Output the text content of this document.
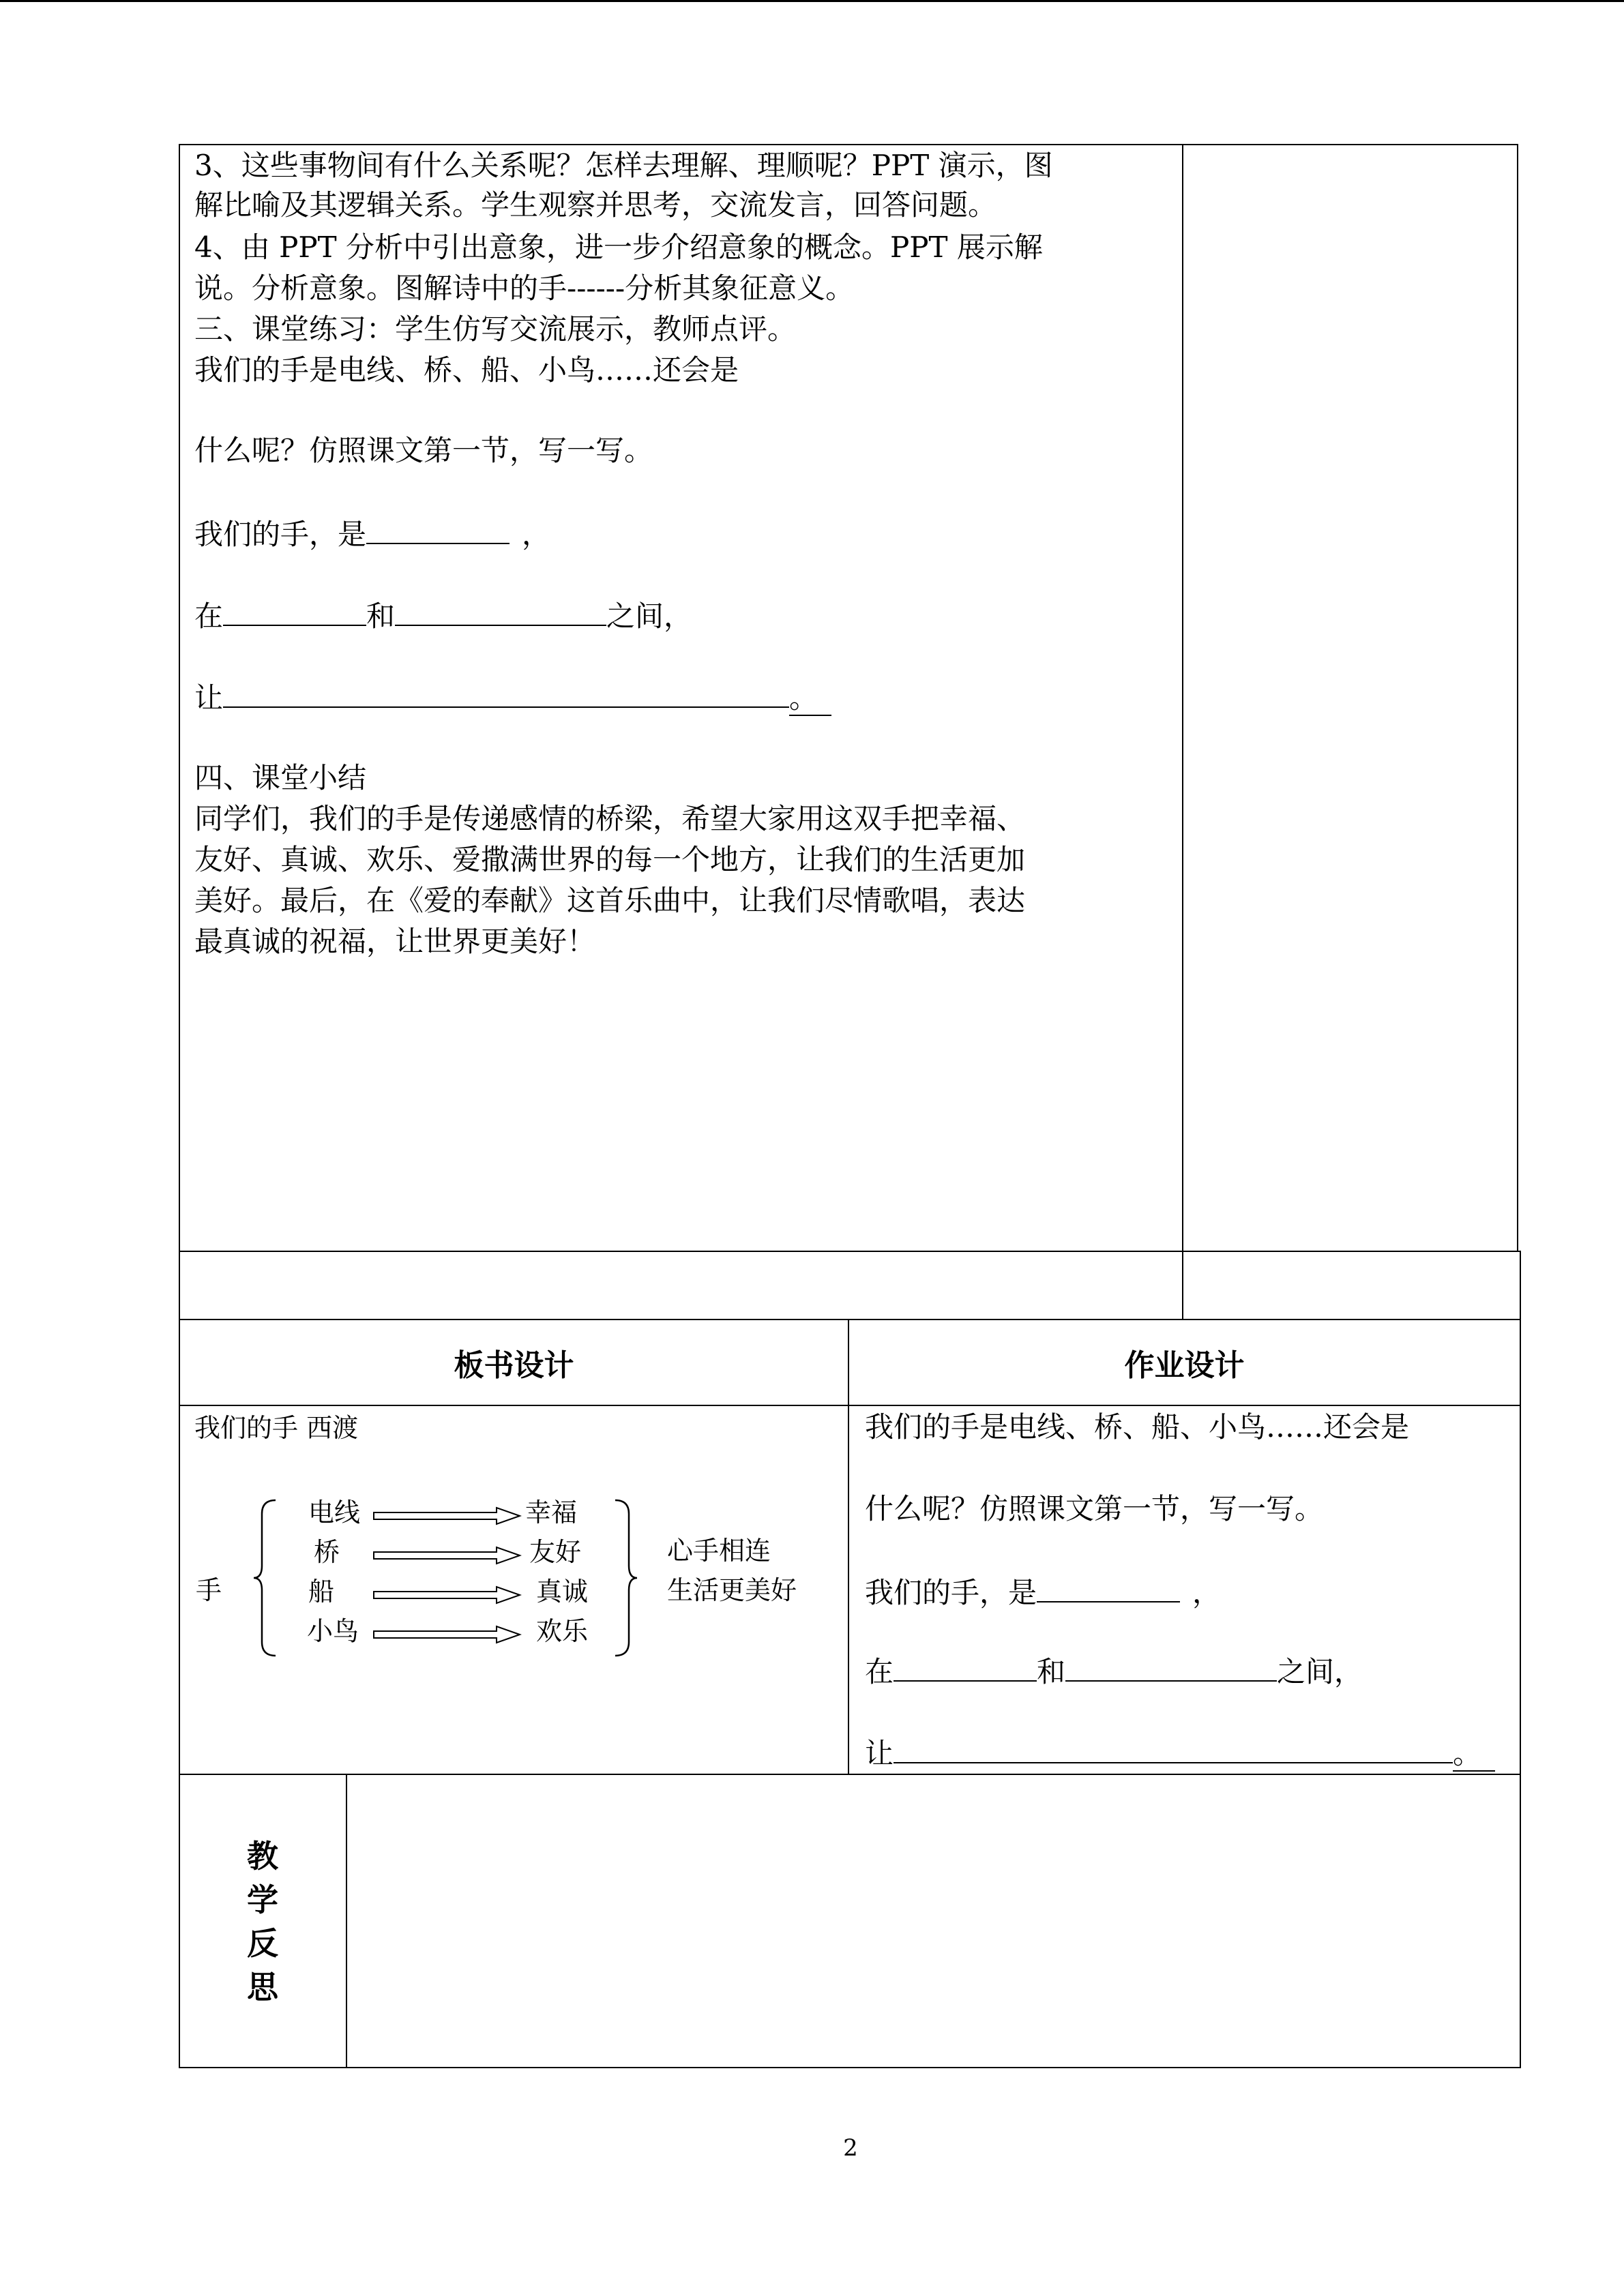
3、这些事物间有什么关系呢？怎样去理解、理顺呢？PPT 演示，图
解比喻及其逻辑关系。学生观察并思考，交流发言，回答问题。
4、由 PPT 分析中引出意象，进一步介绍意象的概念。PPT 展示解
说。分析意象。图解诗中的手------分析其象征意义。
三、课堂练习：学生仿写交流展示，教师点评。
我们的手是电线、桥、船、小鸟……还会是
什么呢？仿照课文第一节，写一写。
我们的手，是	，
在	和	之间，
让	。
四、课堂小结
同学们，我们的手是传递感情的桥梁，希望大家用这双手把幸福、
友好、真诚、欢乐、爱撒满世界的每一个地方，让我们的生活更加
美好。最后，在《爱的奉献》这首乐曲中，让我们尽情歌唱，表达
最真诚的祝福，让世界更美好！
板书设计	作业设计
我们的手 西渡
手
电线
桥
船
小鸟
幸福
友好
真诚
欢乐
心手相连
生活更美好
我们的手是电线、桥、船、小鸟……还会是
什么呢？仿照课文第一节，写一写。
我们的手，是	，
在	和	之间，
让	。
教
学
反
思
2
